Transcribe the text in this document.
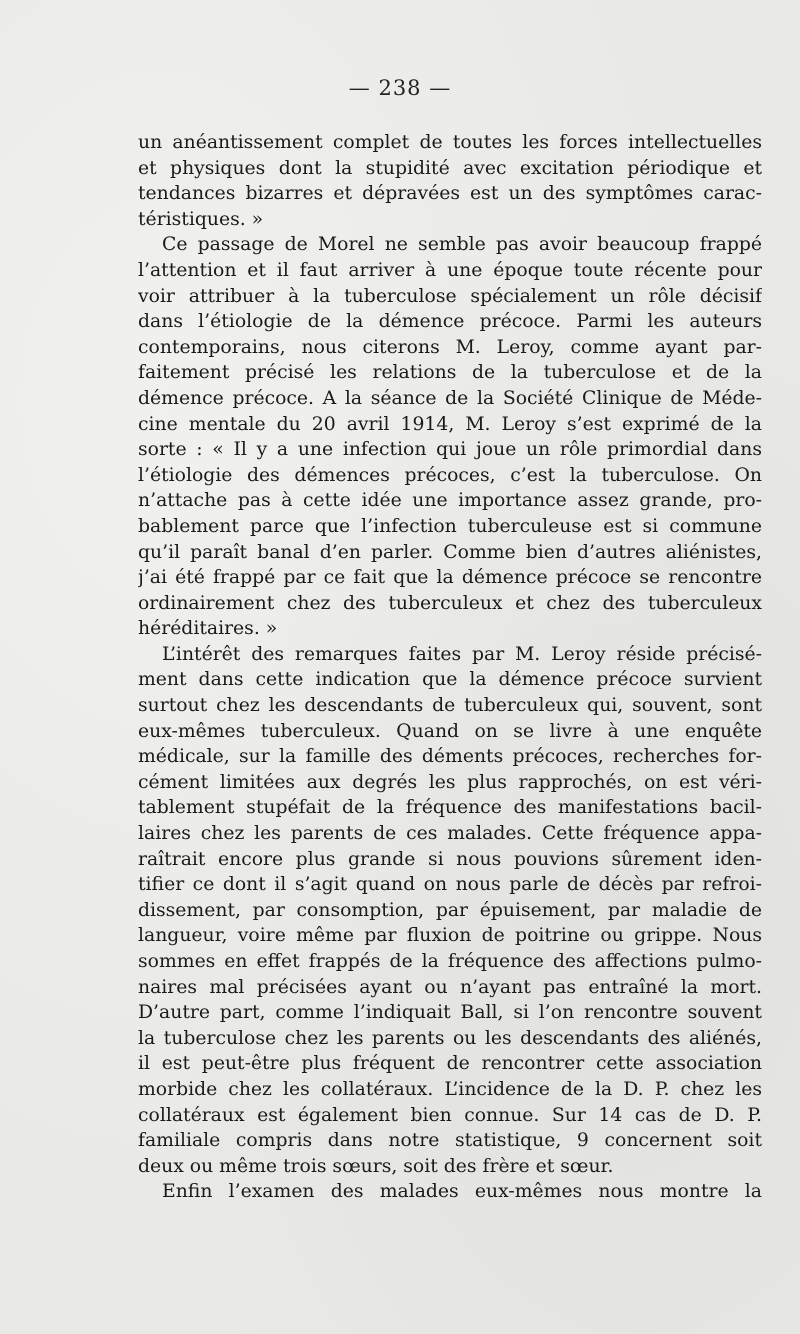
— 238 —
un anéantissement complet de toutes les forces intellectuelles
et physiques dont la stupidité avec excitation périodique et
tendances bizarres et dépravées est un des symptômes carac-
téristiques. »
Ce passage de Morel ne semble pas avoir beaucoup frappé
l’attention et il faut arriver à une époque toute récente pour
voir attribuer à la tuberculose spécialement un rôle décisif
dans l’étiologie de la démence précoce. Parmi les auteurs
contemporains, nous citerons M. Leroy, comme ayant par-
faitement précisé les relations de la tuberculose et de la
démence précoce. A la séance de la Société Clinique de Méde-
cine mentale du 20 avril 1914, M. Leroy s’est exprimé de la
sorte : « Il y a une infection qui joue un rôle primordial dans
l’étiologie des démences précoces, c’est la tuberculose. On
n’attache pas à cette idée une importance assez grande, pro-
bablement parce que l’infection tuberculeuse est si commune
qu’il paraît banal d’en parler. Comme bien d’autres aliénistes,
j’ai été frappé par ce fait que la démence précoce se rencontre
ordinairement chez des tuberculeux et chez des tuberculeux
héréditaires. »
L’intérêt des remarques faites par M. Leroy réside précisé-
ment dans cette indication que la démence précoce survient
surtout chez les descendants de tuberculeux qui, souvent, sont
eux-mêmes tuberculeux. Quand on se livre à une enquête
médicale, sur la famille des déments précoces, recherches for-
cément limitées aux degrés les plus rapprochés, on est véri-
tablement stupéfait de la fréquence des manifestations bacil-
laires chez les parents de ces malades. Cette fréquence appa-
raîtrait encore plus grande si nous pouvions sûrement iden-
tifier ce dont il s’agit quand on nous parle de décès par refroi-
dissement, par consomption, par épuisement, par maladie de
langueur, voire même par fluxion de poitrine ou grippe. Nous
sommes en effet frappés de la fréquence des affections pulmo-
naires mal précisées ayant ou n’ayant pas entraîné la mort.
D’autre part, comme l’indiquait Ball, si l’on rencontre souvent
la tuberculose chez les parents ou les descendants des aliénés,
il est peut-être plus fréquent de rencontrer cette association
morbide chez les collatéraux. L’incidence de la D. P. chez les
collatéraux est également bien connue. Sur 14 cas de D. P.
familiale compris dans notre statistique, 9 concernent soit
deux ou même trois sœurs, soit des frère et sœur.
Enfin l’examen des malades eux-mêmes nous montre la
